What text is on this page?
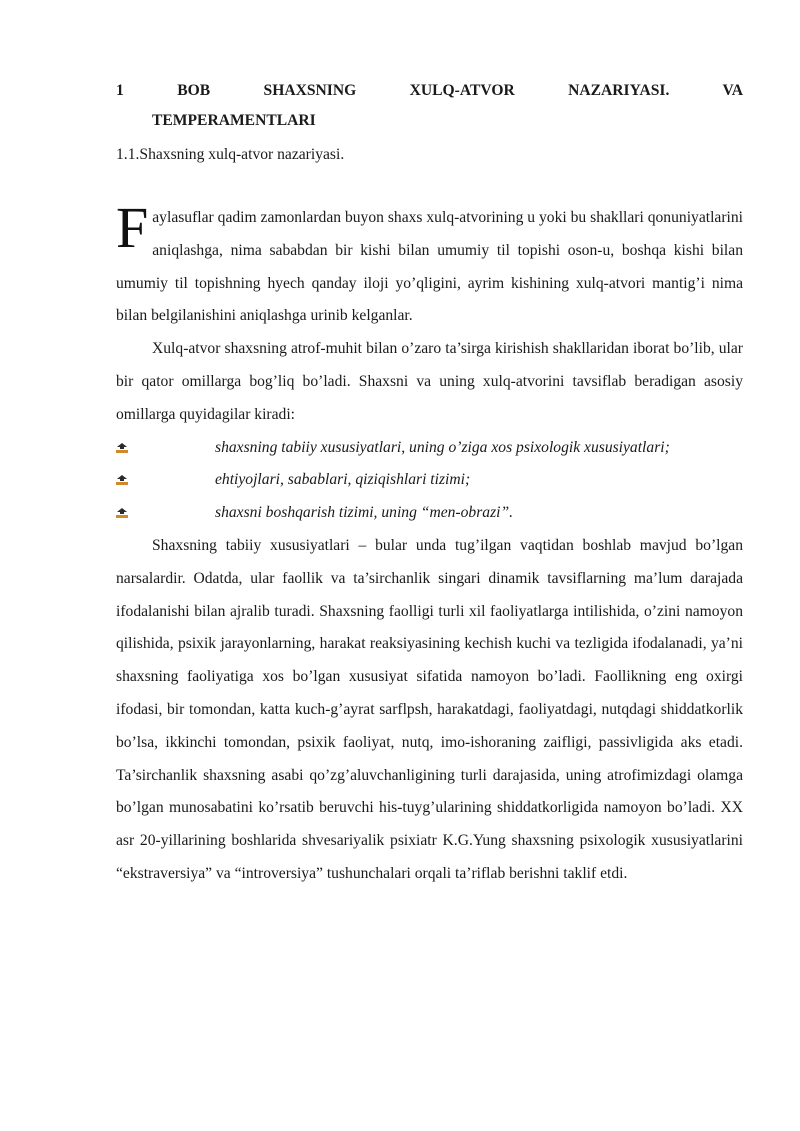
1	BOB	SHAXSNING	XULQ-ATVOR	NAZARIYASI.	VA
TEMPERAMENTLARI
1.1.Shaxsning xulq-atvor nazariyasi.

Faylasuflar qadim zamonlardan buyon shaxs xulq-atvorining u yoki bu shakllari qonuniyatlarini aniqlashga, nima sababdan bir kishi bilan umumiy til topishi oson-u, boshqa kishi bilan umumiy til topishning hyech qanday iloji yo’qligini, ayrim kishining xulq-atvori mantig’i nima bilan belgilanishini aniqlashga urinib kelganlar.

Xulq-atvor shaxsning atrof-muhit bilan o’zaro ta’sirga kirishish shakllaridan iborat bo’lib, ular bir qator omillarga bog’liq bo’ladi. Shaxsni va uning xulq-atvorini tavsiflab beradigan asosiy omillarga quyidagilar kiradi:

shaxsning tabiiy xususiyatlari, uning o’ziga xos psixologik xususiyatlari;

ehtiyojlari, sabablari, qiziqishlari tizimi;

shaxsni boshqarish tizimi, uning “men-obrazi”.

Shaxsning tabiiy xususiyatlari – bular unda tug’ilgan vaqtidan boshlab mavjud bo’lgan narsalardir. Odatda, ular faollik va ta’sirchanlik singari dinamik tavsiflarning ma’lum darajada ifodalanishi bilan ajralib turadi. Shaxsning faolligi turli xil faoliyatlarga intilishida, o’zini namoyon qilishida, psixik jarayonlarning, harakat reaksiyasining kechish kuchi va tezligida ifodalanadi, ya’ni shaxsning faoliyatiga xos bo’lgan xususiyat sifatida namoyon bo’ladi. Faollikning eng oxirgi ifodasi, bir tomondan, katta kuch-g’ayrat sarflpsh, harakatdagi, faoliyatdagi, nutqdagi shiddatkorlik bo’lsa, ikkinchi tomondan, psixik faoliyat, nutq, imo-ishoraning zaifligi, passivligida aks etadi. Ta’sirchanlik shaxsning asabi qo’zg’aluvchanligining turli darajasida, uning atrofimizdagi olamga bo’lgan munosabatini ko’rsatib beruvchi his-tuyg’ularining shiddatkorligida namoyon bo’ladi. XX asr 20-yillarining boshlarida shvesariyalik psixiatr K.G.Yung shaxsning psixologik xususiyatlarini “ekstraversiya” va “introversiya” tushunchalari orqali ta’riflab berishni taklif etdi.
